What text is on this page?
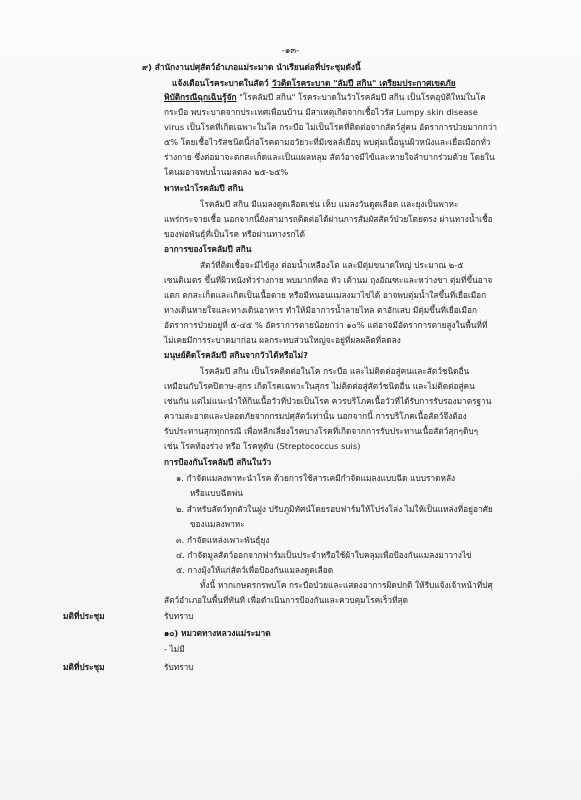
-๑๓-
๙) สำนักงานปศุสัตว์อำเภอแม่ระมาด นำเรียนต่อที่ประชุมดังนี้
แจ้งเตือนโรคระบาดในสัตว์ วัวติดโรคระบาด "ลัมปี สกิน" เตรียมประกาศเขตภัย
พิบัติกรณีฉุกเฉินรู้จัก "โรคลัมปี สกิน" โรคระบาดในวัวโรคลัมปี สกิน เป็นโรคอุบัติใหม่ในโค
กระบือ พบระบาดจากประเทศเพื่อนบ้าน มีสาเหตุเกิดจากเชื้อไวรัส Lumpy skin disease
virus เป็นโรคที่เกิดเฉพาะในโค กระบือ ไม่เป็นโรคที่ติดต่อจากสัตว์สู่คน อัตราการป่วยมากกว่า
๕% โดยเชื้อไวรัสชนิดนี้ก่อโรคตามอวัยวะที่มีเซลล์เยื่อบุ พบตุ่มเนื้อนูนผิวหนังและเยื่อเมือกทั่ว
ร่างกาย ซึ่งต่อมาจะตกสะเก็ดและเป็นแผลหลุม สัตว์อาจมีไข้และหายใจลำบากร่วมด้วย โดยใน
โคนมอาจพบน้ำนมลดลง ๒๕-๖๕%
พาหะนำโรคลัมปี สกิน
โรคลัมปี สกิน มีแมลงดูดเลือดเช่น เห็บ แมลงวันดูดเลือด และยุงเป็นพาหะ
แพร่กระจายเชื้อ นอกจากนี้ยังสามารถติดต่อได้ผ่านการสัมผัสสัตว์ป่วยโดยตรง ผ่านทางน้ำเชื้อ
ของพ่อพันธุ์ที่เป็นโรค หรือผ่านทางรกได้
อาการของโรคลัมปี สกิน
สัตว์ที่ติดเชื้อจะมีไข้สูง ต่อมน้ำเหลืองโต และมีตุ่มขนาดใหญ่ ประมาณ ๒-๕
เซนติเมตร ขึ้นที่ผิวหนังทั่วร่างกาย พบมากที่คอ หัว เต้านม ถุงอัณฑะและหว่างขา ตุ่มที่ขึ้นอาจ
แตก ตกสะเก็ดและเกิดเป็นเนื้อตาย หรือมีหนอนแมลงมาไข่ได้ อาจพบตุ่มน้ำใสขึ้นที่เยื่อเมือก
ทางเดินหายใจและทางเดินอาหาร ทำให้มีอาการน้ำลายไหล ตาอักเสบ มีตุ่มขึ้นที่เยื่อเมือก
อัตราการป่วยอยู่ที่ ๕-๔๕ % อัตราการตายน้อยกว่า ๑๐% แต่อาจมีอัตราการตายสูงในพื้นที่ที่
ไม่เคยมีการระบาดมาก่อน ผลกระทบส่วนใหญ่จะอยู่ที่ผลผลิตที่ลดลง
มนุษย์ติดโรคลัมปี สกินจากวัวได้หรือไม่?
โรคลัมปี สกิน เป็นโรคติดต่อในโค กระบือ และไม่ติดต่อสู่คนและสัตว์ชนิดอื่น
เหมือนกับโรคปิดาษ-สุกร เกิดโรคเฉพาะในสุกร ไม่ติดต่อสู่สัตว์ชนิดอื่น และไม่ติดต่อสู่คน
เช่นกัน แต่ไม่แนะนำให้กินเนื้อวัวที่ป่วยเป็นโรค ควรบริโภคเนื้อวัวที่ได้รับการรับรองมาตรฐาน
ความสะอาดและปลอดภัยจากกรมปศุสัตว์เท่านั้น นอกจากนี้ การบริโภคเนื้อสัตว์จึงต้อง
รับประทานสุกทุกกรณี เพื่อหลีกเลี่ยงโรคบางโรคที่เกิดจากการรับประทานเนื้อสัตว์สุกๆดิบๆ
เช่น โรคท้องร่วง หรือ โรคหูดับ (Streptococcus suis)
การป้องกันโรคลัมปี สกินในวัว
๑. กำจัดแมลงพาหะนำโรค ด้วยการใช้สารเคมีกำจัดแมลงแบบฉีด แบบราดหลัง
หรือแบบฉีดพ่น
๒. สำหรับสัตว์ทุกตัวในฝูง ปรับภูมิทัศน์โดยรอบฟาร์มให้โปร่งโล่ง ไม่ให้เป็นแหล่งที่อยู่อาศัย
ของแมลงพาหะ
๓. กำจัดแหล่งเพาะพันธุ์ยุง
๔. กำจัดมูลสัตว์ออกจากฟาร์มเป็นประจำหรือใช้ผ้าใบคลุมเพื่อป้องกันแมลงมาวางไข่
๕. กางมุ้งให้แก่สัตว์เพื่อป้องกันแมลงดูดเลือด
ทั้งนี้ หากเกษตรกรพบโค กระบือป่วยและแสดงอาการผิดปกติ ให้รีบแจ้งเจ้าหน้าที่ปศุ
สัตว์อำเภอในพื้นที่ทันที เพื่อดำเนินการป้องกันและควบคุมโรคเร็วที่สุด
มติที่ประชุม	รับทราบ
๑๐) หมวดทางหลวงแม่ระมาด
- ไม่มี
มติที่ประชุม	รับทราบ
